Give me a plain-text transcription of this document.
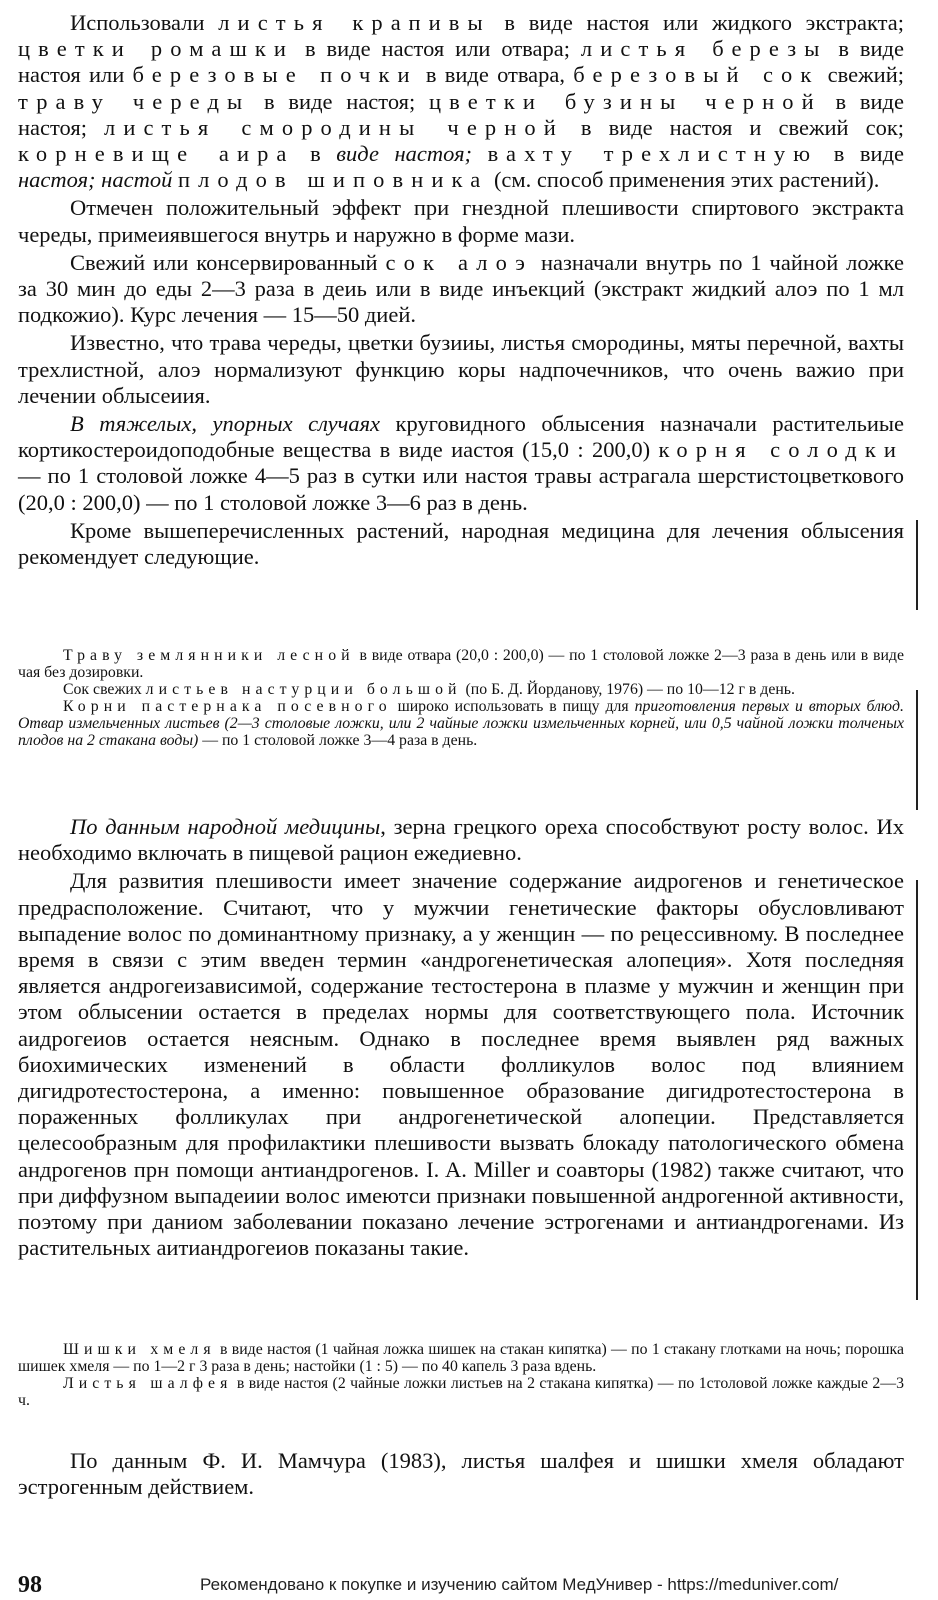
Использовали листья крапивы в виде настоя или жидкого экстракта; цветки ромашки в виде настоя или отвара; листья березы в виде настоя или березовые почки в виде отвара, березовый сок свежий; траву череды в виде настоя; цветки бузины черной в виде настоя; листья смородины черной в виде настоя и свежий сок; корневище аира в виде настоя; вахту трехлистную в виде настоя; настой плодов шиповника (см. способ применения этих растений).

Отмечен положительный эффект при гнездной плешивости спиртового экстракта череды, примеиявшегося внутрь и наружно в форме мази.

Свежий или консервированный сок алоэ назначали внутрь по 1 чайной ложке за 30 мин до еды 2—3 раза в деиь или в виде инъекций (экстракт жидкий алоэ по 1 мл подкожио). Курс лечения — 15—50 дией.

Известно, что трава череды, цветки бузииы, листья смородины, мяты перечной, вахты трехлистной, алоэ нормализуют функцию коры надпочечников, что очень важио при лечении облысеиия.

В тяжелых, упорных случаях круговидного облысения назначали растительиые кортикостероидоподобные вещества в виде иастоя (15,0 : 200,0) корня солодки — по 1 столовой ложке 4—5 раз в сутки или настоя травы астрагала шерстистоцветкового (20,0 : 200,0) — по 1 столовой ложке 3—6 раз в день.

Кроме вышеперечисленных растений, народная медицина для лечения облысения рекомендует следующие.

Траву землянники лесной в виде отвара (20,0 : 200,0) — по 1 столовой ложке 2—3 раза в день или в виде чая без дозировки.

Сок свежих листьев настурции большой (по Б. Д. Йорданову, 1976) — по 10—12 г в день.

Корни пастернака посевного широко использовать в пищу для приготовления первых и вторых блюд. Отвар измельченных листьев (2—3 столовые ложки, или 2 чайные ложки измельченных корней, или 0,5 чайной ложки толченых плодов на 2 стакана воды) — по 1 столовой ложке 3—4 раза в день.

По данным народной медицины, зерна грецкого ореха способствуют росту волос. Их необходимо включать в пищевой рацион ежедиевно.

Для развития плешивости имеет значение содержание аидрогенов и генетическое предрасположение. Считают, что у мужчии генетические факторы обусловливают выпадение волос по доминантному признаку, а у женщин — по рецессивному. В последнее время в связи с этим введен термин «андрогенетическая алопеция». Хотя последняя является андрогеизависимой, содержание тестостерона в плазме у мужчин и женщин при этом облысении остается в пределах нормы для соответствующего пола. Источник аидрогеиов остается неясным. Однако в последнее время выявлен ряд важных биохимических изменений в области фолликулов волос под влиянием дигидротестостерона, а именно: повышенное образование дигидротестостерона в пораженных фолликулах при андрогенетической алопеции. Представляется целесообразным для профилактики плешивости вызвать блокаду патологического обмена андрогенов прн помощи антиандрогенов. I. A. Miller и соавторы (1982) также считают, что при диффузном выпадеиии волос имеютси признаки повышенной андрогенной активности, поэтому при даниом заболевании показано лечение эстрогенами и антиандрогенами. Из растительных аитиандрогеиов показаны такие.

Шишки хмеля в виде настоя (1 чайная ложка шишек на стакан кипятка) — по 1 стакану глотками на ночь; порошка шишек хмеля — по 1—2 г 3 раза в день; настойки (1 : 5) — по 40 капель 3 раза вдень.

Листья шалфея в виде настоя (2 чайные ложки листьев на 2 стакана кипятка) — по 1столовой ложке каждые 2—3 ч.

По данным Ф. И. Мамчура (1983), листья шалфея и шишки хмеля обладают эстрогенным действием.

98	Рекомендовано к покупке и изучению сайтом МедУнивер - https://meduniver.com/
